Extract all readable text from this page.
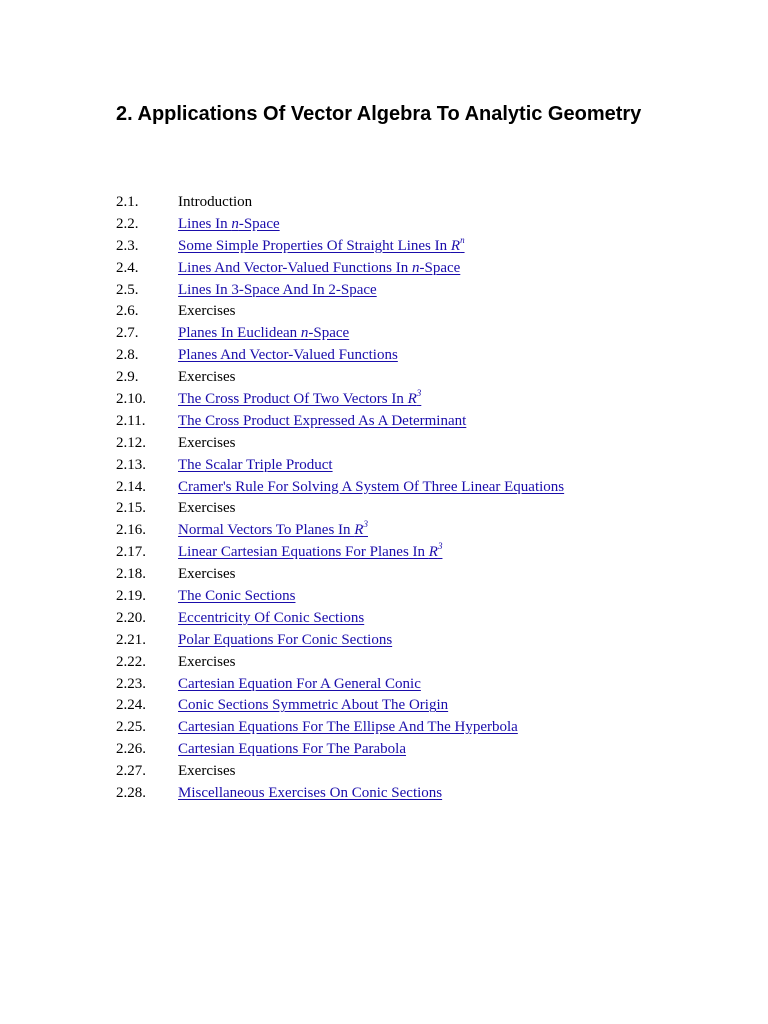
2. Applications Of Vector Algebra To Analytic Geometry
2.1.	Introduction
2.2.	Lines In n-Space
2.3.	Some Simple Properties Of Straight Lines In $R^n$
2.4.	Lines And Vector-Valued Functions In n-Space
2.5.	Lines In 3-Space And In 2-Space
2.6.	Exercises
2.7.	Planes In Euclidean n-Space
2.8.	Planes And Vector-Valued Functions
2.9.	Exercises
2.10.	The Cross Product Of Two Vectors In $R^3$
2.11.	The Cross Product Expressed As A Determinant
2.12.	Exercises
2.13.	The Scalar Triple Product
2.14.	Cramer's Rule For Solving A System Of Three Linear Equations
2.15.	Exercises
2.16.	Normal Vectors To Planes In $R^3$
2.17.	Linear Cartesian Equations For Planes In $R^3$
2.18.	Exercises
2.19.	The Conic Sections
2.20.	Eccentricity Of Conic Sections
2.21.	Polar Equations For Conic Sections
2.22.	Exercises
2.23.	Cartesian Equation For A General Conic
2.24.	Conic Sections Symmetric About The Origin
2.25.	Cartesian Equations For The Ellipse And The Hyperbola
2.26.	Cartesian Equations For The Parabola
2.27.	Exercises
2.28.	Miscellaneous Exercises On Conic Sections
